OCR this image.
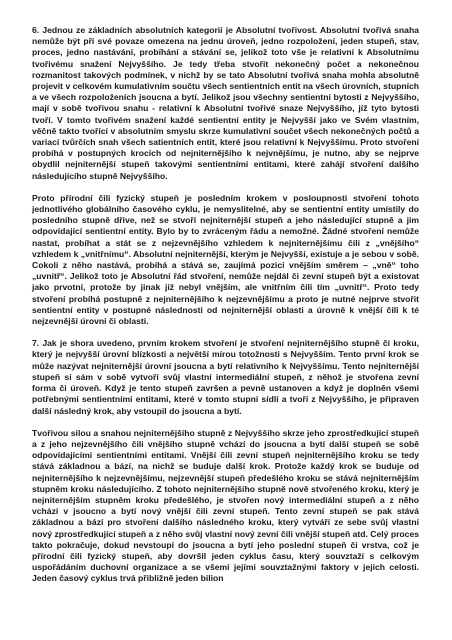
6. Jednou ze základních absolutních kategorií je Absolutní tvořivost. Absolutní tvořivá snaha nemůže být při své povaze omezena na jednu úroveň, jedno rozpoložení, jeden stupeň, stav, proces, jedno nastávání, probíhání a stávání se, jelikož toto vše je relativní k Absolutnímu tvořivému snažení Nejvyššího. Je tedy třeba stvořit nekonečný počet a nekonečnou rozmanitost takových podmínek, v nichž by se tato Absolutní tvořivá snaha mohla absolutně projevit v celkovém kumulativním součtu všech sentientních entit na všech úrovních, stupních a ve všech rozpoloženích jsoucna a bytí. Jelikož jsou všechny sentientní bytosti z Nejvyššího, mají v sobě tvořivou snahu - relativní k Absolutní tvořivé snaze Nejvyššího, jíž tyto bytosti tvoří. V tomto tvořivém snažení každé sentientní entity je Nejvyšší jako ve Svém vlastním, věčně takto tvořící v absolutním smyslu skrze kumulativní součet všech nekonečných počtů a variací tvůrčích snah všech satientních entit, které jsou relativní k Nejvyššímu. Proto stvoření probíhá v postupných krocích od nejniternějšího k nejvnějšímu, je nutno, aby se nejprve obydlil nejniternější stupeň takovými sentientními entitami, které zahájí stvoření dalšího následujícího stupně Nejvyššího.

Proto přírodní čili fyzický stupeň je posledním krokem v posloupnosti stvoření tohoto jednotlivého globálního časového cyklu, je nemyslitelné, aby se sentientní entity umístily do posledního stupně dříve, než se stvoří nejniternější stupeň a jeho následující stupně a jim odpovídající sentientní entity. Bylo by to zvráceným řádu a nemožné. Žádné stvoření nemůže nastat, probíhat a stát se z nejzevnějšího vzhledem k nejniternějšímu čili z „vnějšího“ vzhledem k „vnitřnímu“. Absolutní nejniternější, kterým je Nejvyšší, existuje a je sebou v sobě. Cokoli z něho nastává, probíhá a stává se, zaujímá pozici vnějším směrem – „vně“ toho „uvnitř“. Jelikož toto je Absolutní řád stvoření, nemůže nejdál či zevní stupeň být a existovat jako prvotní, protože by jinak již nebyl vnějším, ale vnitřním čili tím „uvnitř“. Proto tedy stvoření probíhá postupně z nejniternějšího k nejzevnějšímu a proto je nutné nejprve stvořit sentientní entity v postupné následnosti od nejniternější oblasti a úrovně k vnější čili k té nejzevnější úrovni či oblasti.

7. Jak je shora uvedeno, prvním krokem stvoření je stvoření nejniternějšího stupně či kroku, který je nejvyšší úrovní blízkosti a největší mírou totožnosti s Nejvyšším. Tento první krok se může nazývat nejniternější úrovní jsoucna a bytí relativního k Nejvyššímu. Tento nejniternější stupeň si sám v sobě vytvoří svůj vlastní intermediální stupeň, z něhož je stvořena zevní forma či úroveň. Když je tento stupeň završen a pevně ustanoven a když je doplněn všemi potřebnými sentientními entitami, které v tomto stupni sídlí a tvoří z Nejvyššího, je připraven další následný krok, aby vstoupil do jsoucna a bytí.

Tvořivou silou a snahou nejniternějšího stupně z Nejvyššího skrze jeho zprostředkující stupeň a z jeho nejzevnějšího čili vnějšího stupně vchází do jsoucna a bytí další stupeň se sobě odpovídajícími sentientními entitami. Vnější čili zevní stupeň nejniternějšího kroku se tedy stává základnou a bází, na nichž se buduje další krok. Protože každý krok se buduje od nejniternějšího k nejzevnějšímu, nejzevnější stupeň předešlého kroku se stává nejniternějším stupněm kroku následujícího. Z tohoto nejniternějšího stupně nově stvořeného kroku, který je nejniternějším stupněm kroku předešlého, je stvořen nový intermediální stupeň a z něho vchází v jsoucno a bytí nový vnější čili zevní stupeň. Tento zevní stupeň se pak stává základnou a bází pro stvoření dalšího následného kroku, který vytváří ze sebe svůj vlastní nový zprostředkující stupeň a z něho svůj vlastní nový zevní čili vnější stupeň atd. Celý proces takto pokračuje, dokud nevstoupí do jsoucna a bytí jeho poslední stupeň či vrstva, což je přírodní čili fyzický stupeň, aby dovršil jeden cyklus času, který souvztaží s celkovým uspořádáním duchovní organizace a se všemi jejími souvztažnými faktory v jejich celosti. Jeden časový cyklus trvá přibližně jeden bilion
